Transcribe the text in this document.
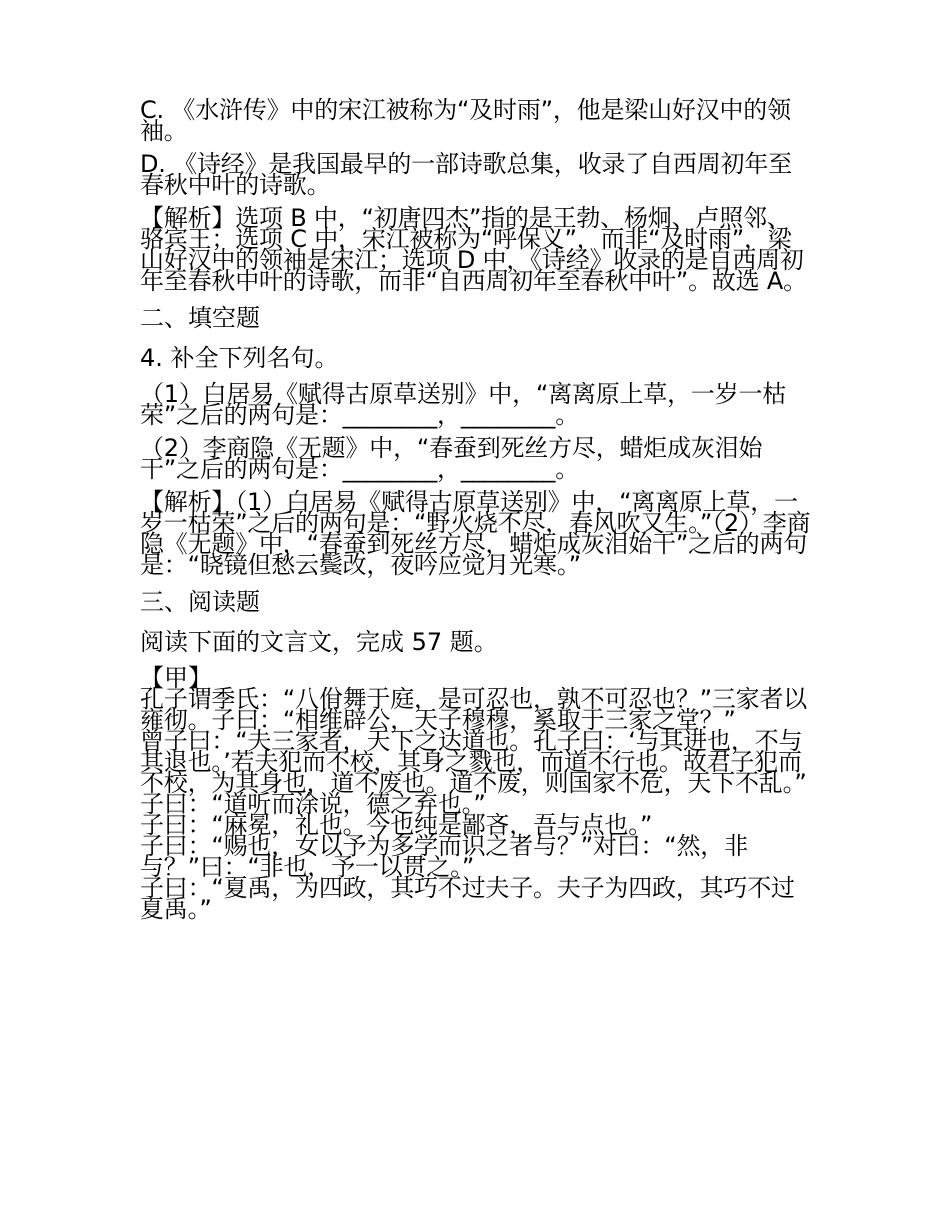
C. 《水浒传》中的宋江被称为“及时雨”，他是梁山好汉中的领袖。
D. 《诗经》是我国最早的一部诗歌总集，收录了自西周初年至春秋中叶的诗歌。
【解析】选项 B 中，“初唐四杰”指的是王勃、杨炯、卢照邻、骆宾王；选项 C 中，宋江被称为“呼保义”，而非“及时雨”，梁山好汉中的领袖是宋江；选项 D 中，《诗经》收录的是自西周初年至春秋中叶的诗歌，而非“自西周初年至春秋中叶”。故选 A。
二、填空题
4. 补全下列名句。
（1）白居易《赋得古原草送别》中，“离离原上草，一岁一枯荣”之后的两句是：________，________。
（2）李商隐《无题》中，“春蚕到死丝方尽，蜡炬成灰泪始干”之后的两句是：________，________。
【解析】（1）白居易《赋得古原草送别》中，“离离原上草，一岁一枯荣”之后的两句是：“野火烧不尽，春风吹又生。”（2）李商隐《无题》中，“春蚕到死丝方尽，蜡炬成灰泪始干”之后的两句是：“晓镜但愁云鬓改，夜吟应觉月光寒。”
三、阅读题
阅读下面的文言文，完成 57 题。
【甲】
孔子谓季氏：“八佾舞于庭，是可忍也，孰不可忍也？”三家者以雍彻。子曰：“相维辟公，天子穆穆，奚取于三家之堂？”
曾子曰：“夫三家者，天下之达道也。孔子曰：‘与其进也，不与其退也。’若夫犯而不校，其身之戮也，而道不行也。故君子犯而不校，为其身也，道不废也。道不废，则国家不危，天下不乱。”
子曰：“道听而涂说，德之弃也。”
子曰：“麻冕，礼也。今也纯是鄙吝，吾与点也。”
子曰：“赐也，女以予为多学而识之者与？”对曰：“然，非与？”曰：“非也，予一以贯之。”
子曰：“夏禹，为四政，其巧不过夫子。夫子为四政，其巧不过夏禹。”
